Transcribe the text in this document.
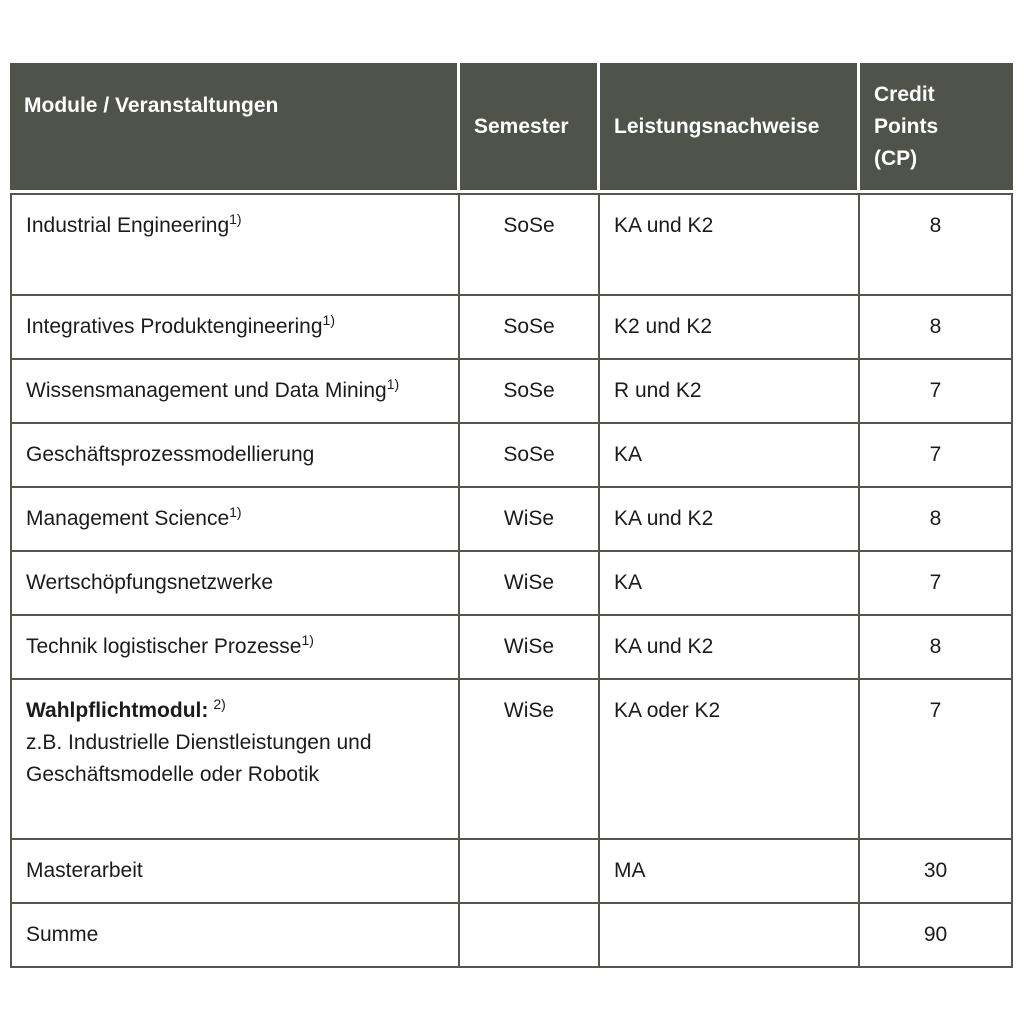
Module / Veranstaltungen	Semester	Leistungsnachweise	Credit Points (CP)
Industrial Engineering$^{1)}$	SoSe	KA und K2	8
Integratives Produktengineering$^{1)}$	SoSe	K2 und K2	8
Wissensmanagement und Data Mining$^{1)}$	SoSe	R und K2	7
Geschäftsprozessmodellierung	SoSe	KA	7
Management Science$^{1)}$	WiSe	KA und K2	8
Wertschöpfungsnetzwerke	WiSe	KA	7
Technik logistischer Prozesse$^{1)}$	WiSe	KA und K2	8
Wahlpflichtmodul: $^{2)}$
z.B. Industrielle Dienstleistungen und Geschäftsmodelle oder Robotik	WiSe	KA oder K2	7
Masterarbeit		MA	30
Summe			90
